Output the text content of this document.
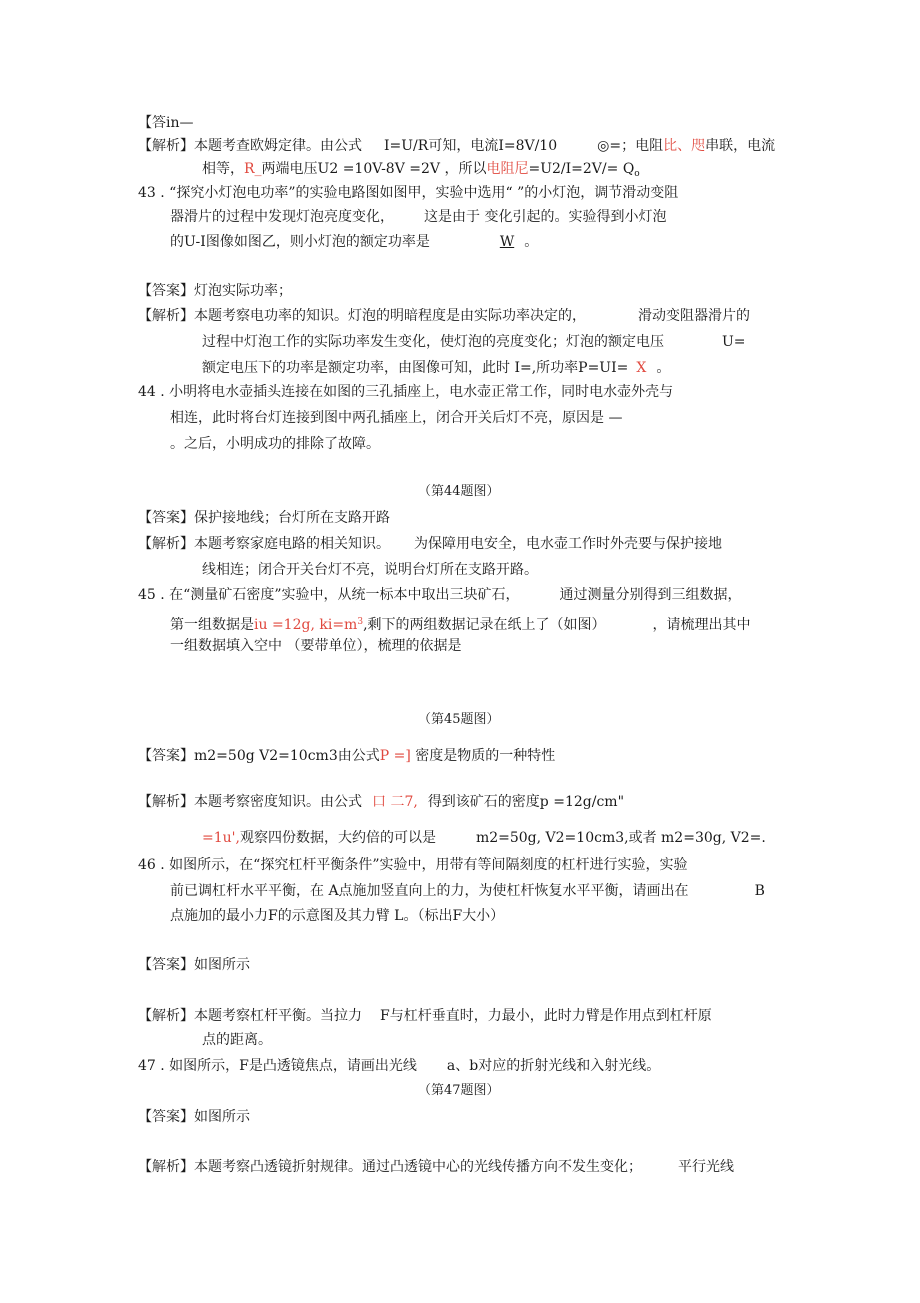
【答in—
【解析】本题考查欧姆定律。由公式 I=U/R可知，电流I=8V/10	◎=；电阻比、咫串联，电流
相等，R_两端电压U2 =10V-8V =2V ，所以电阻尼$=U2/I=2V/= Q_o$
43 . “探究小灯泡电功率”的实验电路图如图甲，实验中选用“ ”的小灯泡，调节滑动变阻
器滑片的过程中发现灯泡亮度变化， 这是由于 变化引起的。实验得到小灯泡
的U-I图像如图乙，则小灯泡的额定功率是	W 。
【答案】灯泡实际功率；
【解析】本题考察电功率的知识。灯泡的明暗程度是由实际功率决定的，	滑动变阻器滑片的
过程中灯泡工作的实际功率发生变化，使灯泡的亮度变化；灯泡的额定电压	U=
额定电压下的功率是额定功率，由图像可知，此时 I=,所功率P=UI= X 。
44 . 小明将电水壶插头连接在如图的三孔插座上，电水壶正常工作，同时电水壶外壳与
相连，此时将台灯连接到图中两孔插座上，闭合开关后灯不亮，原因是 —
。之后，小明成功的排除了故障。
（第44题图）
【答案】保护接地线；台灯所在支路开路
【解析】本题考察家庭电路的相关知识。 为保障用电安全，电水壶工作时外壳要与保护接地
线相连；闭合开关台灯不亮，说明台灯所在支路开路。
45 . 在“测量矿石密度”实验中，从统一标本中取出三块矿石，	通过测量分别得到三组数据，
第一组数据是iu =12g, $ki=m^3$,剩下的两组数据记录在纸上了（如图）	，请梳理出其中
一组数据填入空中 （要带单位），梳理的依据是
（第45题图）
【答案】m2=50g V2=10cm3由公式P =] 密度是物质的一种特性
【解析】本题考察密度知识。由公式 口 二7, 得到该矿石的密度p =12g/cm"
=1u',观察四份数据，大约倍的可以是	m2=50g, V2=10cm3,或者 m2=30g, V2=.
46 . 如图所示，在“探究杠杆平衡条件”实验中，用带有等间隔刻度的杠杆进行实验，实验
前已调杠杆水平平衡，在 A点施加竖直向上的力，为使杠杆恢复水平平衡，请画出在	B
点施加的最小力F的示意图及其力臂 L。（标出F大小）
【答案】如图所示
【解析】本题考察杠杆平衡。当拉力 F与杠杆垂直时，力最小，此时力臂是作用点到杠杆原
点的距离。
47 . 如图所示，F是凸透镜焦点，请画出光线 a、b对应的折射光线和入射光线。
（第47题图）
【答案】如图所示
【解析】本题考察凸透镜折射规律。通过凸透镜中心的光线传播方向不发生变化；	平行光线
